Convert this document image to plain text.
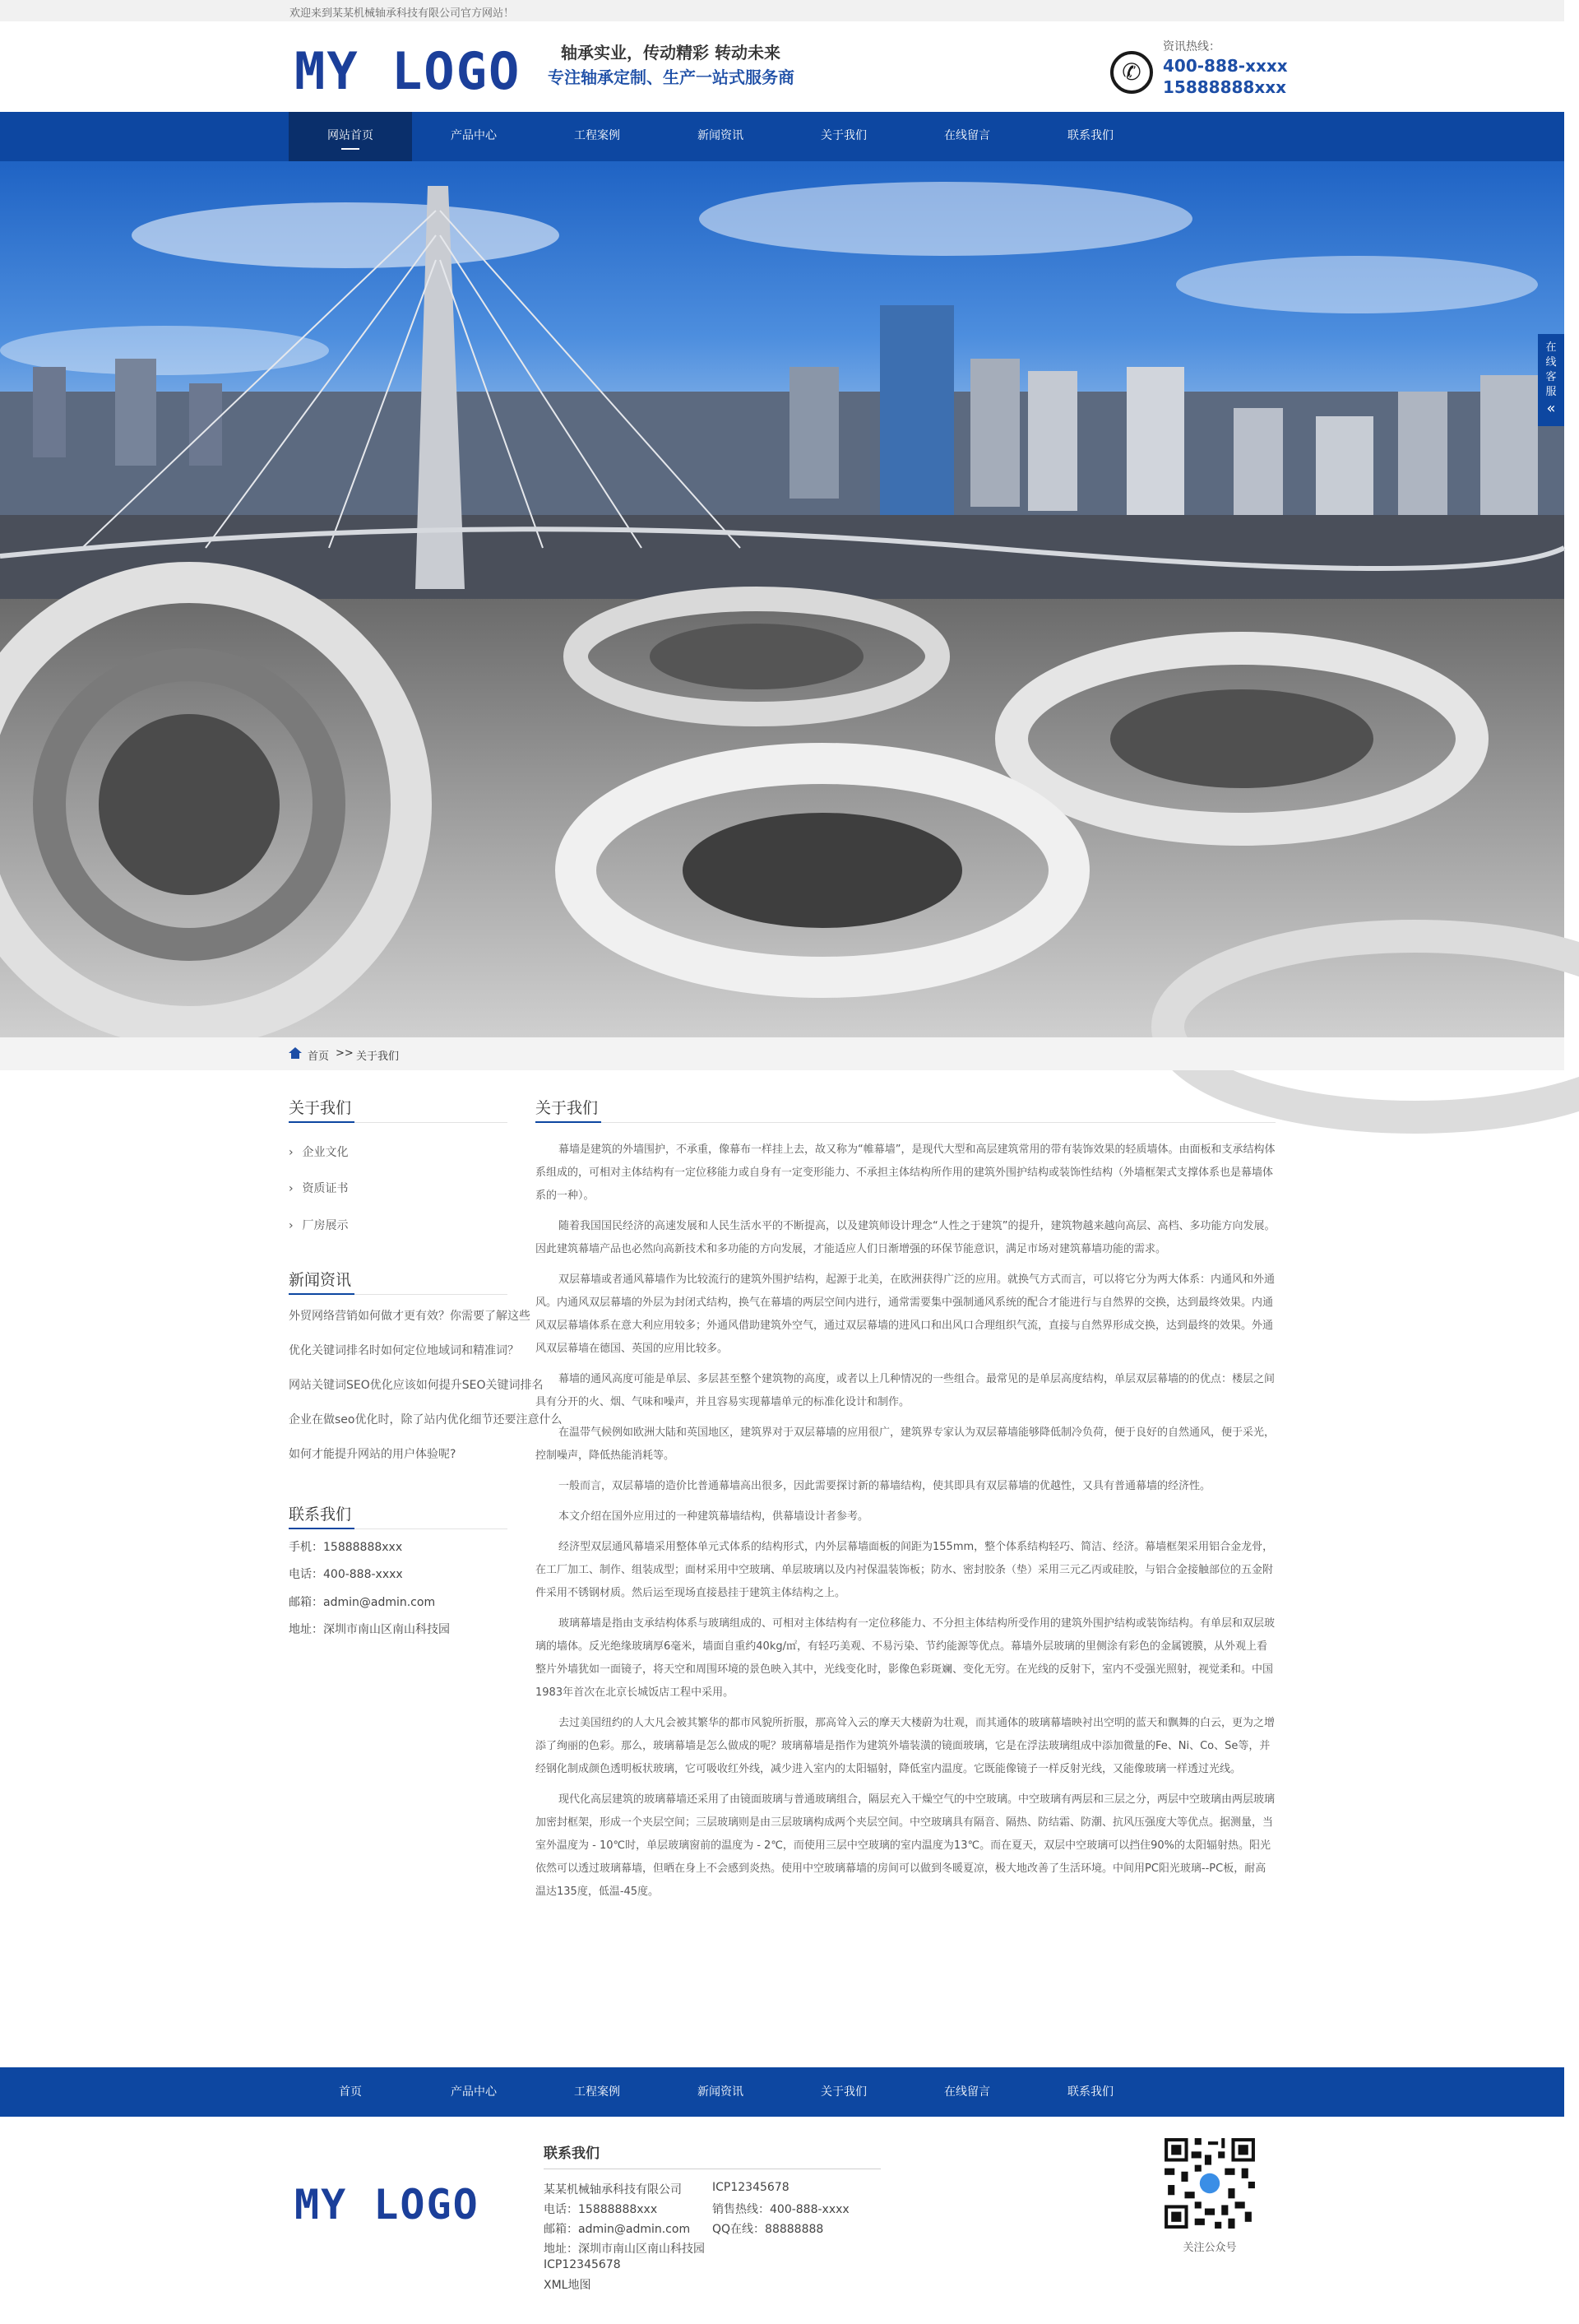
欢迎来到某某机械轴承科技有限公司官方网站！
MY LOGO 轴承实业，传动精彩 转动未来
专注轴承定制、生产一站式服务商	✆
资讯热线：
400-888-xxxx
15888888xxx
网站首页	产品中心	工程案例	新闻资讯	关于我们	在线留言	联系我们
在线客服
«
首页 >> 关于我们
关于我们
› 企业文化
› 资质证书
› 厂房展示
新闻资讯
外贸网络营销如何做才更有效？你需要了解这些
优化关键词排名时如何定位地域词和精准词？
网站关键词SEO优化应该如何提升SEO关键词排名
企业在做seo优化时，除了站内优化细节还要注意什么
如何才能提升网站的用户体验呢?
联系我们
手机：15888888xxx
电话：400-888-xxxx
邮箱：admin@admin.com
地址：深圳市南山区南山科技园
关于我们

幕墙是建筑的外墙围护，不承重，像幕布一样挂上去，故又称为“帷幕墙”，是现代大型和高层建筑常用的带有装饰效果的轻质墙体。由面板和支承结构体系组成的，可相对主体结构有一定位移能力或自身有一定变形能力、不承担主体结构所作用的建筑外围护结构或装饰性结构（外墙框架式支撑体系也是幕墙体系的一种）。

随着我国国民经济的高速发展和人民生活水平的不断提高，以及建筑师设计理念“人性之于建筑”的提升，建筑物越来越向高层、高档、多功能方向发展。因此建筑幕墙产品也必然向高新技术和多功能的方向发展，才能适应人们日渐增强的环保节能意识，满足市场对建筑幕墙功能的需求。

双层幕墙或者通风幕墙作为比较流行的建筑外围护结构，起源于北美，在欧洲获得广泛的应用。就换气方式而言，可以将它分为两大体系：内通风和外通风。内通风双层幕墙的外层为封闭式结构，换气在幕墙的两层空间内进行，通常需要集中强制通风系统的配合才能进行与自然界的交换，达到最终效果。内通风双层幕墙体系在意大利应用较多；外通风借助建筑外空气，通过双层幕墙的进风口和出风口合理组织气流，直接与自然界形成交换，达到最终的效果。外通风双层幕墙在德国、英国的应用比较多。

幕墙的通风高度可能是单层、多层甚至整个建筑物的高度，或者以上几种情况的一些组合。最常见的是单层高度结构，单层双层幕墙的的优点：楼层之间具有分开的火、烟、气味和噪声，并且容易实现幕墙单元的标准化设计和制作。

在温带气候例如欧洲大陆和英国地区，建筑界对于双层幕墙的应用很广，建筑界专家认为双层幕墙能够降低制冷负荷，便于良好的自然通风，便于采光，控制噪声，降低热能消耗等。

一般而言，双层幕墙的造价比普通幕墙高出很多，因此需要探讨新的幕墙结构，使其即具有双层幕墙的优越性，又具有普通幕墙的经济性。

本文介绍在国外应用过的一种建筑幕墙结构，供幕墙设计者参考。

经济型双层通风幕墙采用整体单元式体系的结构形式，内外层幕墙面板的间距为155mm，整个体系结构轻巧、简洁、经济。幕墙框架采用铝合金龙骨，在工厂加工、制作、组装成型；面材采用中空玻璃、单层玻璃以及内衬保温装饰板；防水、密封胶条（垫）采用三元乙丙或硅胶，与铝合金接触部位的五金附件采用不锈钢材质。然后运至现场直接悬挂于建筑主体结构之上。

玻璃幕墙是指由支承结构体系与玻璃组成的、可相对主体结构有一定位移能力、不分担主体结构所受作用的建筑外围护结构或装饰结构。有单层和双层玻璃的墙体。反光绝缘玻璃厚6毫米，墙面自重约40kg/㎡，有轻巧美观、不易污染、节约能源等优点。幕墙外层玻璃的里侧涂有彩色的金属镀膜，从外观上看整片外墙犹如一面镜子，将天空和周围环境的景色映入其中，光线变化时，影像色彩斑斓、变化无穷。在光线的反射下，室内不受强光照射，视觉柔和。中国1983年首次在北京长城饭店工程中采用。

去过美国纽约的人大凡会被其繁华的都市风貌所折服，那高耸入云的摩天大楼蔚为壮观，而其通体的玻璃幕墙映衬出空明的蓝天和飘舞的白云，更为之增添了绚丽的色彩。那么，玻璃幕墙是怎么做成的呢？玻璃幕墙是指作为建筑外墙装潢的镜面玻璃，它是在浮法玻璃组成中添加微量的Fe、Ni、Co、Se等，并经钢化制成颜色透明板状玻璃，它可吸收红外线，减少进入室内的太阳辐射，降低室内温度。它既能像镜子一样反射光线，又能像玻璃一样透过光线。

现代化高层建筑的玻璃幕墙还采用了由镜面玻璃与普通玻璃组合，隔层充入干燥空气的中空玻璃。中空玻璃有两层和三层之分，两层中空玻璃由两层玻璃加密封框架，形成一个夹层空间；三层玻璃则是由三层玻璃构成两个夹层空间。中空玻璃具有隔音、隔热、防结霜、防潮、抗风压强度大等优点。据测量，当室外温度为 - 10℃时，单层玻璃窗前的温度为 - 2℃，而使用三层中空玻璃的室内温度为13℃。而在夏天，双层中空玻璃可以挡住90%的太阳辐射热。阳光依然可以透过玻璃幕墙，但晒在身上不会感到炎热。使用中空玻璃幕墙的房间可以做到冬暖夏凉，极大地改善了生活环境。中间用PC阳光玻璃--PC板，耐高温达135度，低温-45度。

首页	产品中心	工程案例	新闻资讯	关于我们	在线留言	联系我们
MY LOGO
联系我们
某某机械轴承科技有限公司	ICP12345678
电话：15888888xxx	销售热线：400-888-xxxx
邮箱：admin@admin.com QQ在线：88888888
地址：深圳市南山区南山科技园
ICP12345678
XML地图
关注公众号
